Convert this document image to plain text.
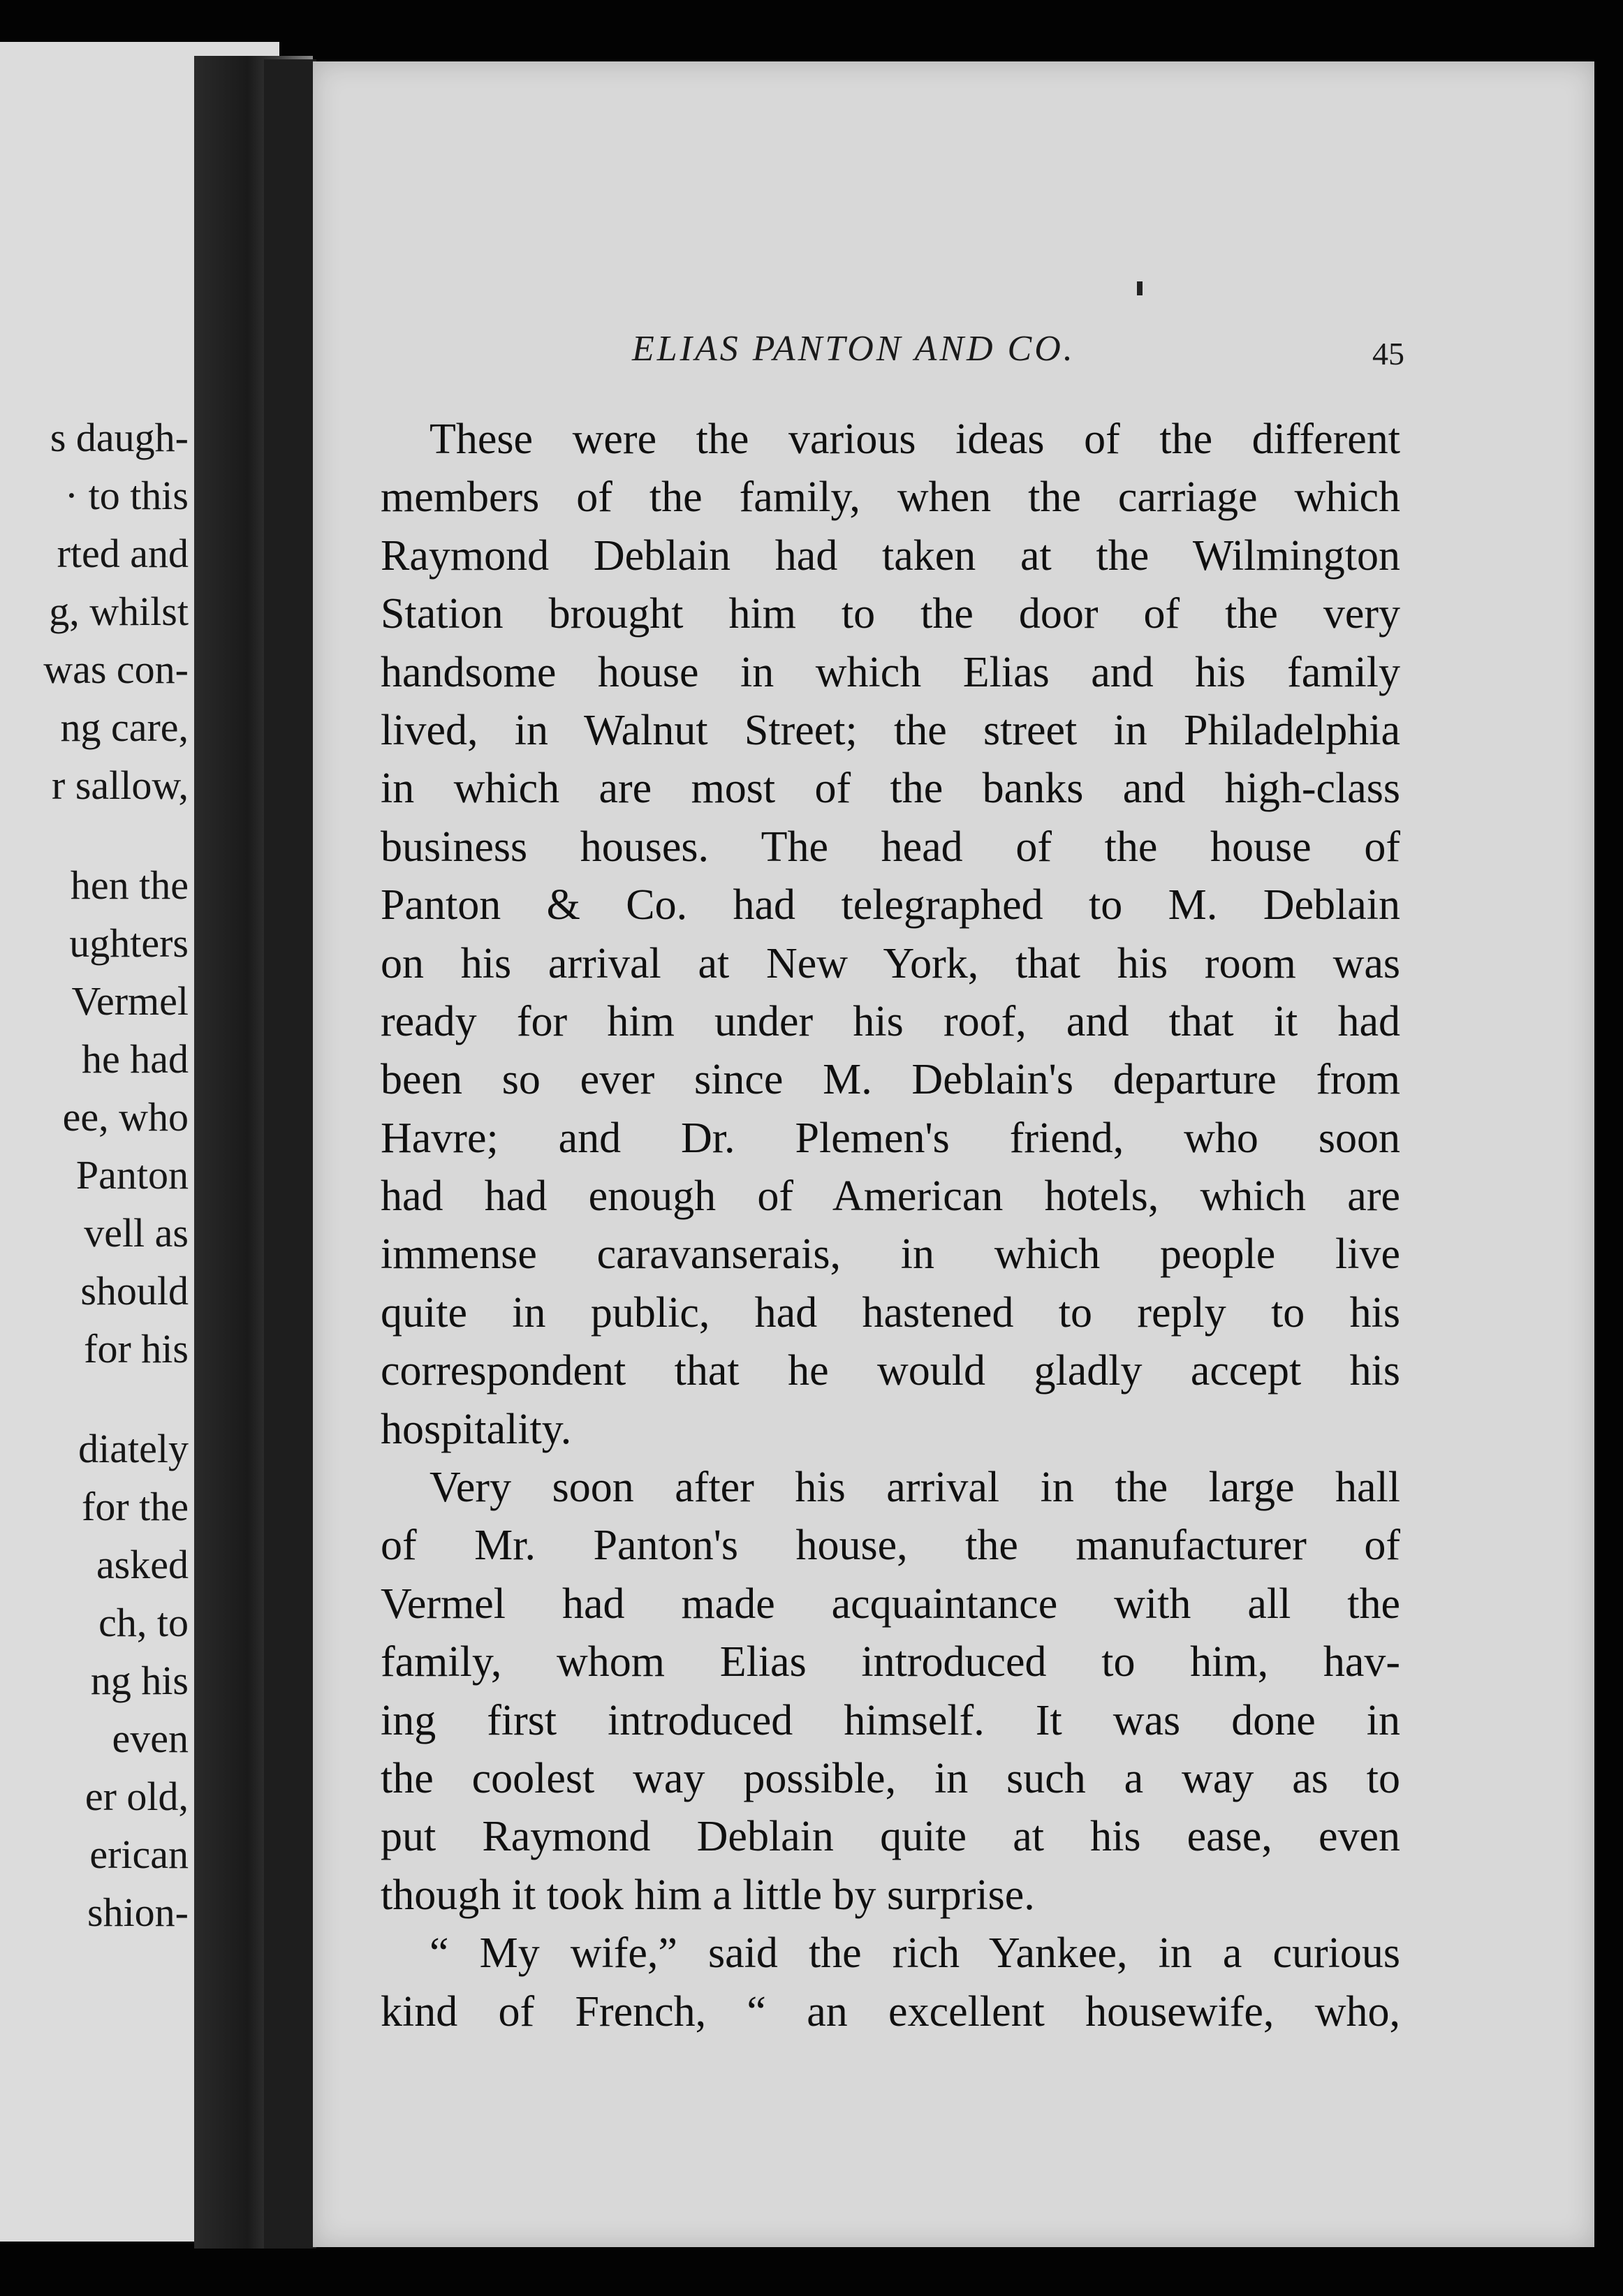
s daugh-
· to this
rted and
g, whilst
was con-
ng care,
r sallow,
hen the
ughters
Vermel
he had
ee, who
Panton
vell as
should
for his
diately
for the
asked
ch, to
ng his
even
er old,
erican
shion-
ELIAS PANTON AND CO.	45
These were the various ideas of the different
members of the family, when the carriage which
Raymond Deblain had taken at the Wilmington
Station brought him to the door of the very
handsome house in which Elias and his family
lived, in Walnut Street; the street in Philadelphia
in which are most of the banks and high-class
business houses. The head of the house of
Panton & Co. had telegraphed to M. Deblain
on his arrival at New York, that his room was
ready for him under his roof, and that it had
been so ever since M. Deblain's departure from
Havre; and Dr. Plemen's friend, who soon
had had enough of American hotels, which are
immense caravanserais, in which people live
quite in public, had hastened to reply to his
correspondent that he would gladly accept his
hospitality.
Very soon after his arrival in the large hall
of Mr. Panton's house, the manufacturer of
Vermel had made acquaintance with all the
family, whom Elias introduced to him, hav-
ing first introduced himself. It was done in
the coolest way possible, in such a way as to
put Raymond Deblain quite at his ease, even
though it took him a little by surprise.
“ My wife,” said the rich Yankee, in a curious
kind of French, “ an excellent housewife, who,
